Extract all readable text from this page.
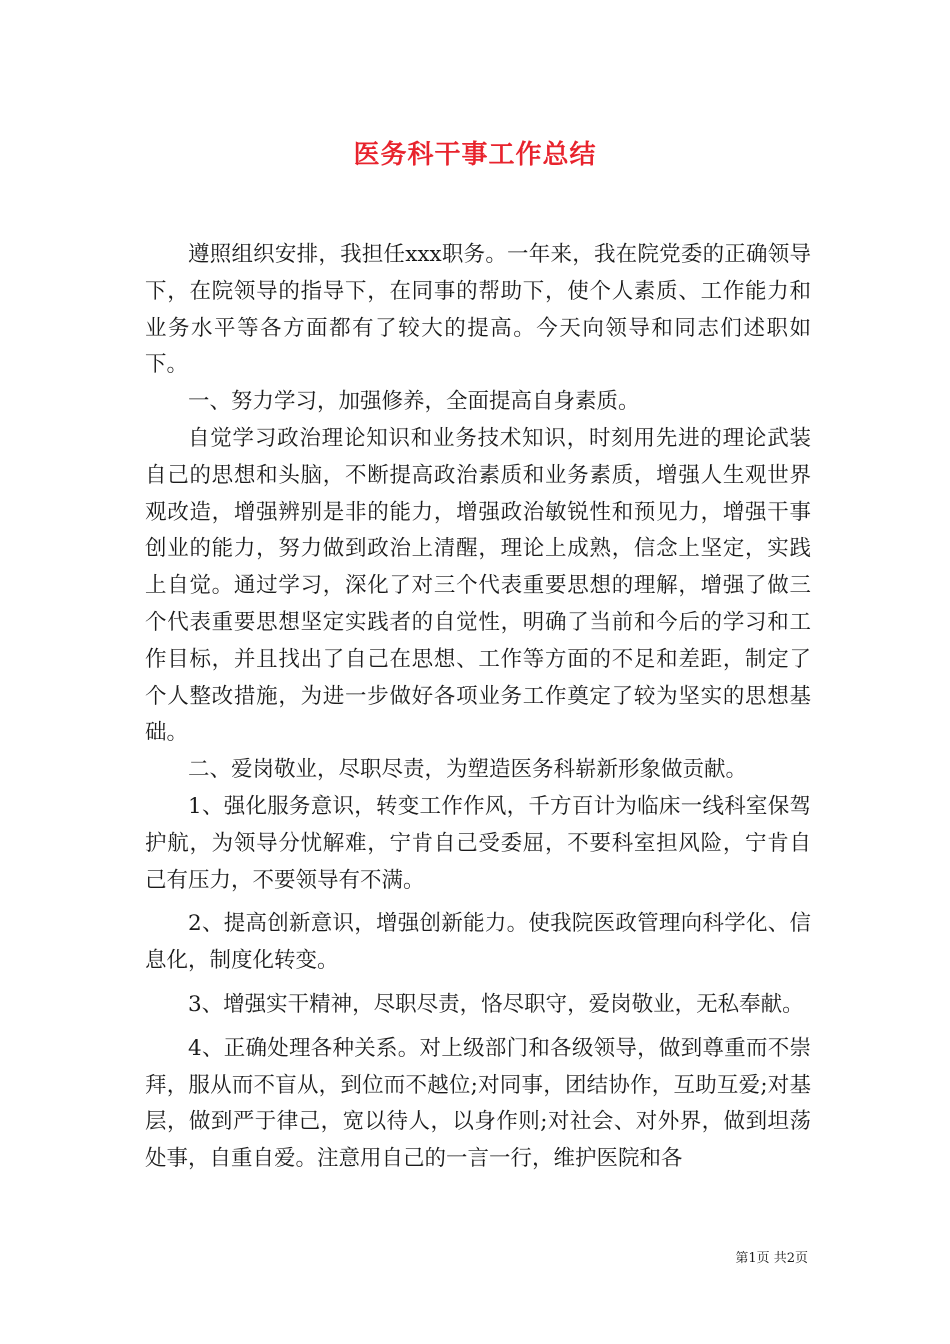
医务科干事工作总结

遵照组织安排，我担任xxx职务。一年来，我在院党委的正确领导下，在院领导的指导下，在同事的帮助下，使个人素质、工作能力和业务水平等各方面都有了较大的提高。今天向领导和同志们述职如下。

一、努力学习，加强修养，全面提高自身素质。

自觉学习政治理论知识和业务技术知识，时刻用先进的理论武装自己的思想和头脑，不断提高政治素质和业务素质，增强人生观世界观改造，增强辨别是非的能力，增强政治敏锐性和预见力，增强干事创业的能力，努力做到政治上清醒，理论上成熟，信念上坚定，实践上自觉。通过学习，深化了对三个代表重要思想的理解，增强了做三个代表重要思想坚定实践者的自觉性，明确了当前和今后的学习和工作目标，并且找出了自己在思想、工作等方面的不足和差距，制定了个人整改措施，为进一步做好各项业务工作奠定了较为坚实的思想基础。

二、爱岗敬业，尽职尽责，为塑造医务科崭新形象做贡献。

1、强化服务意识，转变工作作风，千方百计为临床一线科室保驾护航，为领导分忧解难，宁肯自己受委屈，不要科室担风险，宁肯自己有压力，不要领导有不满。

2、提高创新意识，增强创新能力。使我院医政管理向科学化、信息化，制度化转变。

3、增强实干精神，尽职尽责，恪尽职守，爱岗敬业，无私奉献。

4、正确处理各种关系。对上级部门和各级领导，做到尊重而不崇拜，服从而不盲从，到位而不越位;对同事，团结协作，互助互爱;对基层，做到严于律己，宽以待人，以身作则;对社会、对外界，做到坦荡处事，自重自爱。注意用自己的一言一行，维护医院和各

第1页 共2页
